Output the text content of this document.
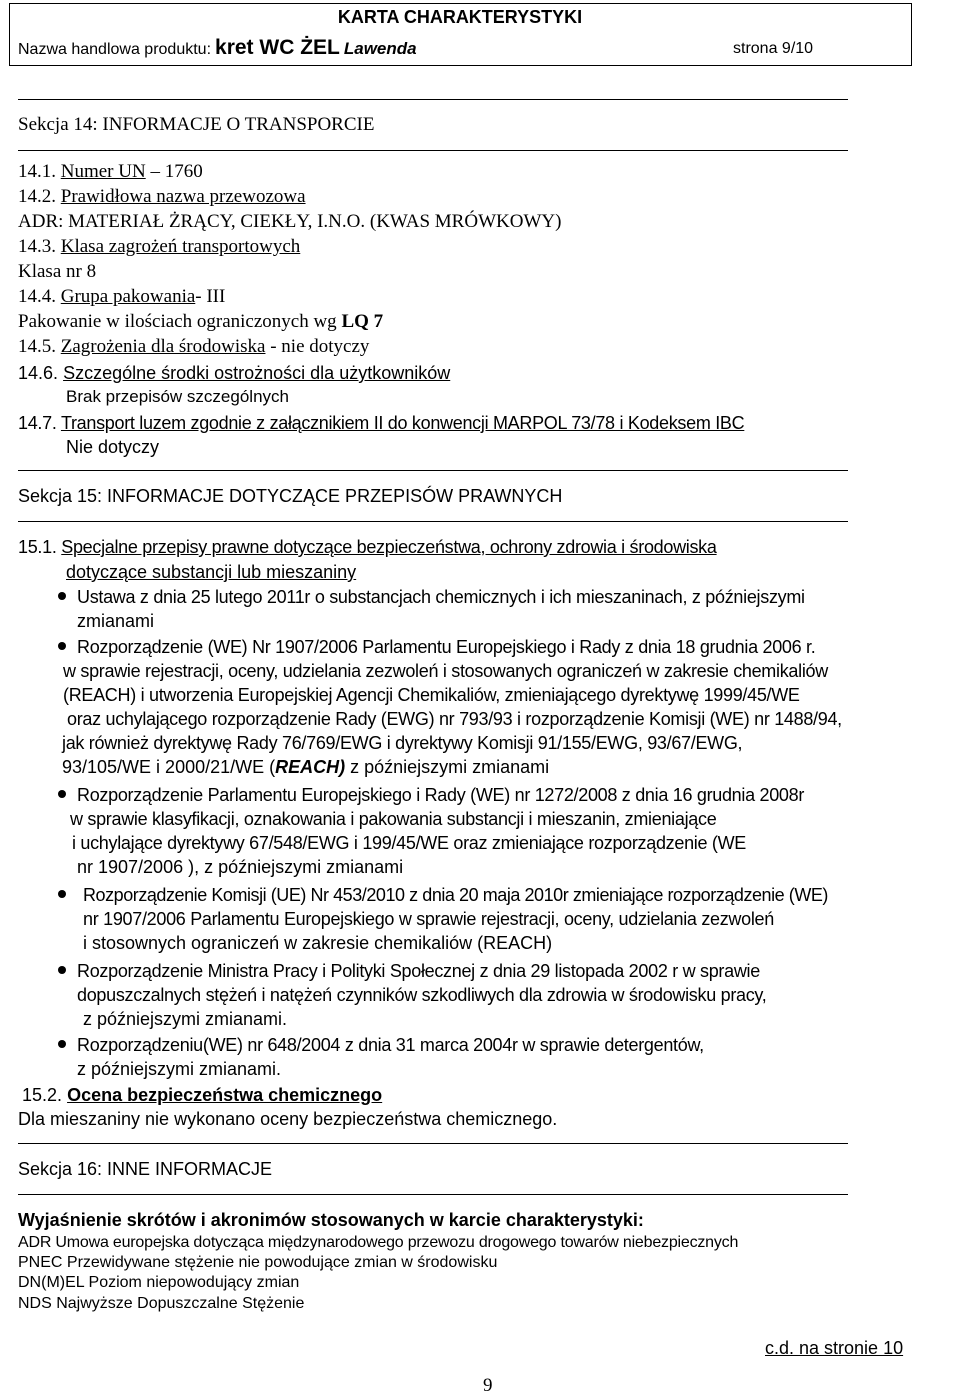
KARTA CHARAKTERYSTYKI
Nazwa handlowa produktu: kret WC ŻEL Lawenda	strona 9/10
Sekcja 14: INFORMACJE O TRANSPORCIE
14.1. Numer UN – 1760
14.2. Prawidłowa nazwa przewozowa
ADR: MATERIAŁ ŻRĄCY, CIEKŁY, I.N.O. (KWAS MRÓWKOWY)
14.3. Klasa zagrożeń transportowych
Klasa nr 8
14.4. Grupa pakowania- III
Pakowanie w ilościach ograniczonych wg LQ 7
14.5. Zagrożenia dla środowiska - nie dotyczy
14.6. Szczególne środki ostrożności dla użytkowników
Brak przepisów szczególnych
14.7. Transport luzem zgodnie z załącznikiem II do konwencji MARPOL 73/78 i Kodeksem IBC
Nie dotyczy
Sekcja 15: INFORMACJE DOTYCZĄCE PRZEPISÓW PRAWNYCH
15.1. Specjalne przepisy prawne dotyczące bezpieczeństwa, ochrony zdrowia i środowiska
dotyczące substancji lub mieszaniny
Ustawa z dnia 25 lutego 2011r o substancjach chemicznych i ich mieszaninach, z późniejszymi
zmianami
Rozporządzenie (WE) Nr 1907/2006 Parlamentu Europejskiego i Rady z dnia 18 grudnia 2006 r.
w sprawie rejestracji, oceny, udzielania zezwoleń i stosowanych ograniczeń w zakresie chemikaliów
(REACH) i utworzenia Europejskiej Agencji Chemikaliów, zmieniającego dyrektywę 1999/45/WE
oraz uchylającego rozporządzenie Rady (EWG) nr 793/93 i rozporządzenie Komisji (WE) nr 1488/94,
jak również dyrektywę Rady 76/769/EWG i dyrektywy Komisji 91/155/EWG, 93/67/EWG,
93/105/WE i 2000/21/WE (REACH) z późniejszymi zmianami
Rozporządzenie Parlamentu Europejskiego i Rady (WE) nr 1272/2008 z dnia 16 grudnia 2008r
w sprawie klasyfikacji, oznakowania i pakowania substancji i mieszanin, zmieniające
i uchylające dyrektywy 67/548/EWG i 199/45/WE oraz zmieniające rozporządzenie (WE
nr 1907/2006 ), z późniejszymi zmianami
Rozporządzenie Komisji (UE) Nr 453/2010 z dnia 20 maja 2010r zmieniające rozporządzenie (WE)
nr 1907/2006 Parlamentu Europejskiego w sprawie rejestracji, oceny, udzielania zezwoleń
i stosownych ograniczeń w zakresie chemikaliów (REACH)
Rozporządzenie Ministra Pracy i Polityki Społecznej z dnia 29 listopada 2002 r w sprawie
dopuszczalnych stężeń i natężeń czynników szkodliwych dla zdrowia w środowisku pracy,
z późniejszymi zmianami.
Rozporządzeniu(WE) nr 648/2004 z dnia 31 marca 2004r w sprawie detergentów,
z późniejszymi zmianami.
15.2. Ocena bezpieczeństwa chemicznego
Dla mieszaniny nie wykonano oceny bezpieczeństwa chemicznego.
Sekcja 16: INNE INFORMACJE
Wyjaśnienie skrótów i akronimów stosowanych w karcie charakterystyki:
ADR Umowa europejska dotycząca międzynarodowego przewozu drogowego towarów niebezpiecznych
PNEC Przewidywane stężenie nie powodujące zmian w środowisku
DN(M)EL Poziom niepowodujący zmian
NDS Najwyższe Dopuszczalne Stężenie
c.d. na stronie 10
9
